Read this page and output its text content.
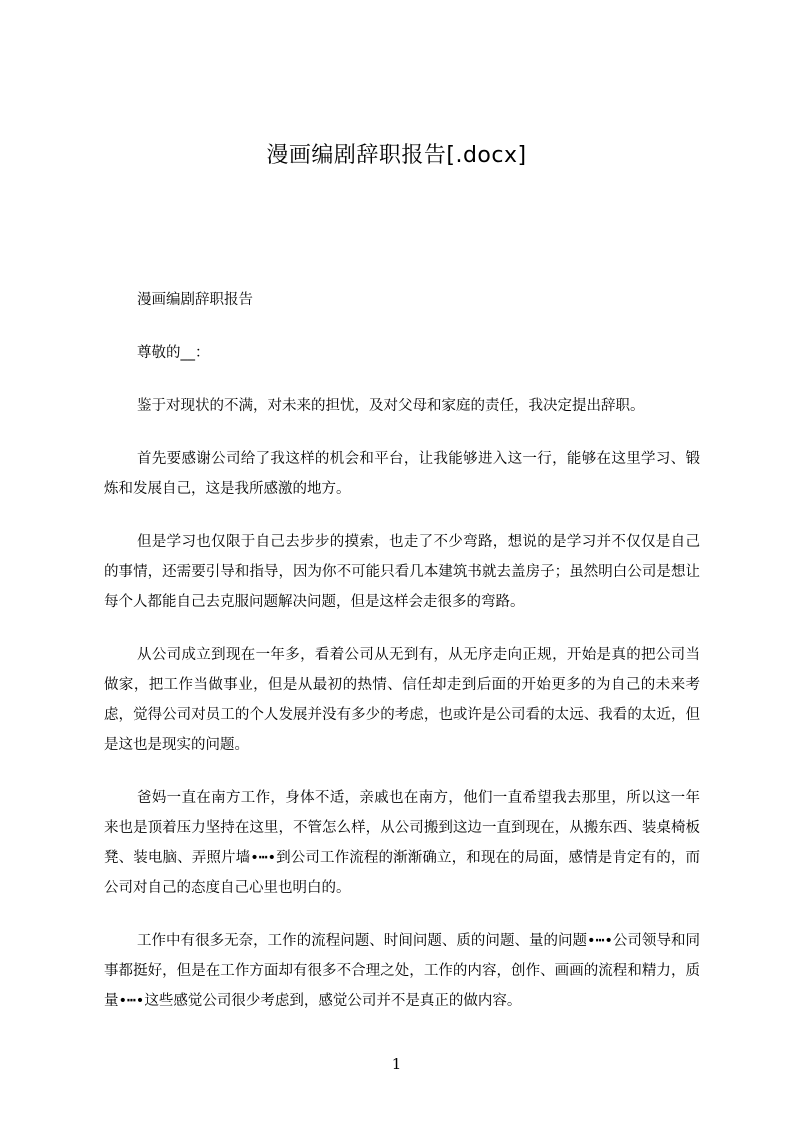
漫画编剧辞职报告[.docx]

漫画编剧辞职报告

尊敬的__：

鉴于对现状的不满，对未来的担忧，及对父母和家庭的责任，我决定提出辞职。

首先要感谢公司给了我这样的机会和平台，让我能够进入这一行，能够在这里学习、锻炼和发展自己，这是我所感激的地方。

但是学习也仅限于自己去步步的摸索，也走了不少弯路，想说的是学习并不仅仅是自己的事情，还需要引导和指导，因为你不可能只看几本建筑书就去盖房子；虽然明白公司是想让每个人都能自己去克服问题解决问题，但是这样会走很多的弯路。

从公司成立到现在一年多，看着公司从无到有，从无序走向正规，开始是真的把公司当做家，把工作当做事业，但是从最初的热情、信任却走到后面的开始更多的为自己的未来考虑，觉得公司对员工的个人发展并没有多少的考虑，也或许是公司看的太远、我看的太近，但是这也是现实的问题。

爸妈一直在南方工作，身体不适，亲戚也在南方，他们一直希望我去那里，所以这一年来也是顶着压力坚持在这里，不管怎么样，从公司搬到这边一直到现在，从搬东西、装桌椅板凳、装电脑、弄照片墙•┅•到公司工作流程的渐渐确立，和现在的局面，感情是肯定有的，而公司对自己的态度自己心里也明白的。

工作中有很多无奈，工作的流程问题、时间问题、质的问题、量的问题•┅•公司领导和同事都挺好，但是在工作方面却有很多不合理之处，工作的内容，创作、画画的流程和精力，质量•┅•这些感觉公司很少考虑到，感觉公司并不是真正的做内容。

1
